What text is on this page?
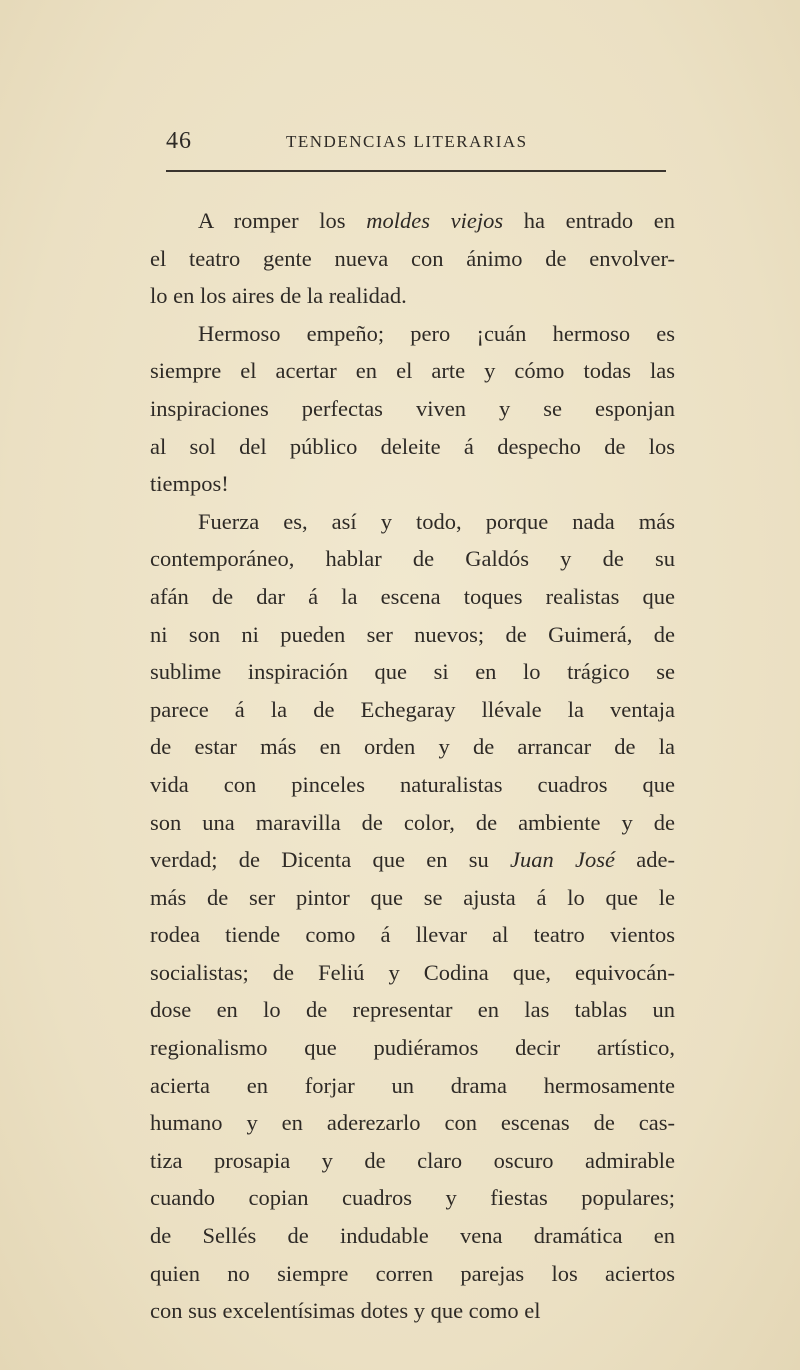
46	TENDENCIAS LITERARIAS
A romper los moldes viejos ha entrado en
el teatro gente nueva con ánimo de envolver-
lo en los aires de la realidad.
Hermoso empeño; pero ¡cuán hermoso es
siempre el acertar en el arte y cómo todas las
inspiraciones perfectas viven y se esponjan
al sol del público deleite á despecho de los
tiempos!
Fuerza es, así y todo, porque nada más
contemporáneo, hablar de Galdós y de su
afán de dar á la escena toques realistas que
ni son ni pueden ser nuevos; de Guimerá, de
sublime inspiración que si en lo trágico se
parece á la de Echegaray llévale la ventaja
de estar más en orden y de arrancar de la
vida con pinceles naturalistas cuadros que
son una maravilla de color, de ambiente y de
verdad; de Dicenta que en su Juan José ade-
más de ser pintor que se ajusta á lo que le
rodea tiende como á llevar al teatro vientos
socialistas; de Feliú y Codina que, equivocán-
dose en lo de representar en las tablas un
regionalismo que pudiéramos decir artístico,
acierta en forjar un drama hermosamente
humano y en aderezarlo con escenas de cas-
tiza prosapia y de claro oscuro admirable
cuando copian cuadros y fiestas populares;
de Sellés de indudable vena dramática en
quien no siempre corren parejas los aciertos
con sus excelentísimas dotes y que como el
